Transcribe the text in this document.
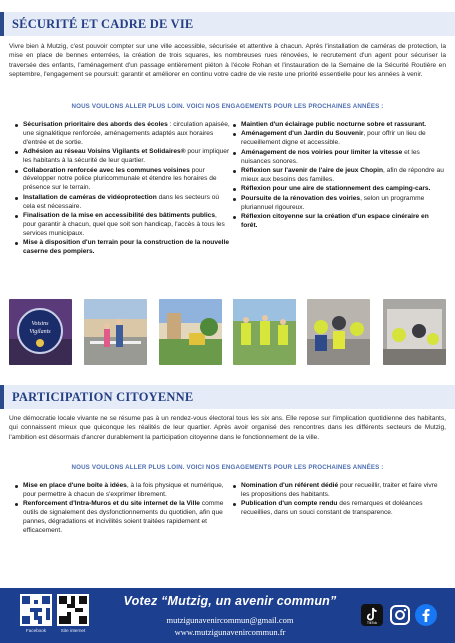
SÉCURITÉ ET CADRE DE VIE

Vivre bien à Mutzig, c'est pouvoir compter sur une ville accessible, sécurisée et attentive à chacun. Après l'installation de caméras de protection, la mise en place de bennes enterrées, la création de trois squares, les nombreuses rues rénovées, le recrutement d'un agent pour sécuriser la traversée des enfants, l'aménagement d'un passage entièrement piéton à l'école Rohan et l'instauration de la Semaine de la Sécurité Routière en septembre, l'engagement se poursuit: garantir et améliorer en continu votre cadre de vie reste une priorité essentielle pour les années à venir.

NOUS VOULONS ALLER PLUS LOIN. VOICI NOS ENGAGEMENTS POUR LES PROCHAINES ANNÉES :
Sécurisation prioritaire des abords des écoles : circulation apaisée, une signalétique renforcée, aménagements adaptés aux horaires d'entrée et de sortie.
Adhésion au réseau Voisins Vigilants et Solidaires® pour impliquer les habitants à la sécurité de leur quartier.
Collaboration renforcée avec les communes voisines pour développer notre police pluricommunale et étendre les horaires de présence sur le terrain.
Installation de caméras de vidéoprotection dans les secteurs où cela est nécessaire.
Finalisation de la mise en accessibilité des bâtiments publics, pour garantir à chacun, quel que soit son handicap, l'accès à tous les services municipaux.
Mise à disposition d'un terrain pour la construction de la nouvelle caserne des pompiers.
Maintien d'un éclairage public nocturne sobre et rassurant.
Aménagement d'un Jardin du Souvenir, pour offrir un lieu de recueillement digne et accessible.
Aménagement de nos voiries pour limiter la vitesse et les nuisances sonores.
Réflexion sur l'avenir de l'aire de jeux Chopin, afin de répondre au mieux aux besoins des familles.
Réflexion pour une aire de stationnement des camping-cars.
Poursuite de la rénovation des voiries, selon un programme pluriannuel rigoureux.
Réflexion citoyenne sur la création d'un espace cinéraire en forêt.
Voisins
Vigilants
PARTICIPATION CITOYENNE

Une démocratie locale vivante ne se résume pas à un rendez-vous électoral tous les six ans. Elle repose sur l'implication quotidienne des habitants, qui connaissent mieux que quiconque les réalités de leur quartier. Après avoir organisé des rencontres dans les différents secteurs de Mutzig, l'ambition est désormais d'ancrer durablement la participation citoyenne dans le fonctionnement de la ville.

NOUS VOULONS ALLER PLUS LOIN. VOICI NOS ENGAGEMENTS POUR LES PROCHAINES ANNÉES :
Mise en place d'une boîte à idées, à la fois physique et numérique, pour permettre à chacun de s'exprimer librement.
Renforcement d'Intra-Muros et du site internet de la Ville comme outils de signalement des dysfonctionnements du quotidien, afin que pannes, dégradations et incivilités soient traitées rapidement et efficacement.
Nomination d'un référent dédié pour recueillir, traiter et faire vivre les propositions des habitants.
Publication d'un compte rendu des remarques et doléances recueillies, dans un souci constant de transparence.
Facebook	Site internet
Votez “Mutzig, un avenir commun”
mutzigunavenircommun@gmail.com
www.mutzigunavenircommun.fr
TikTok
